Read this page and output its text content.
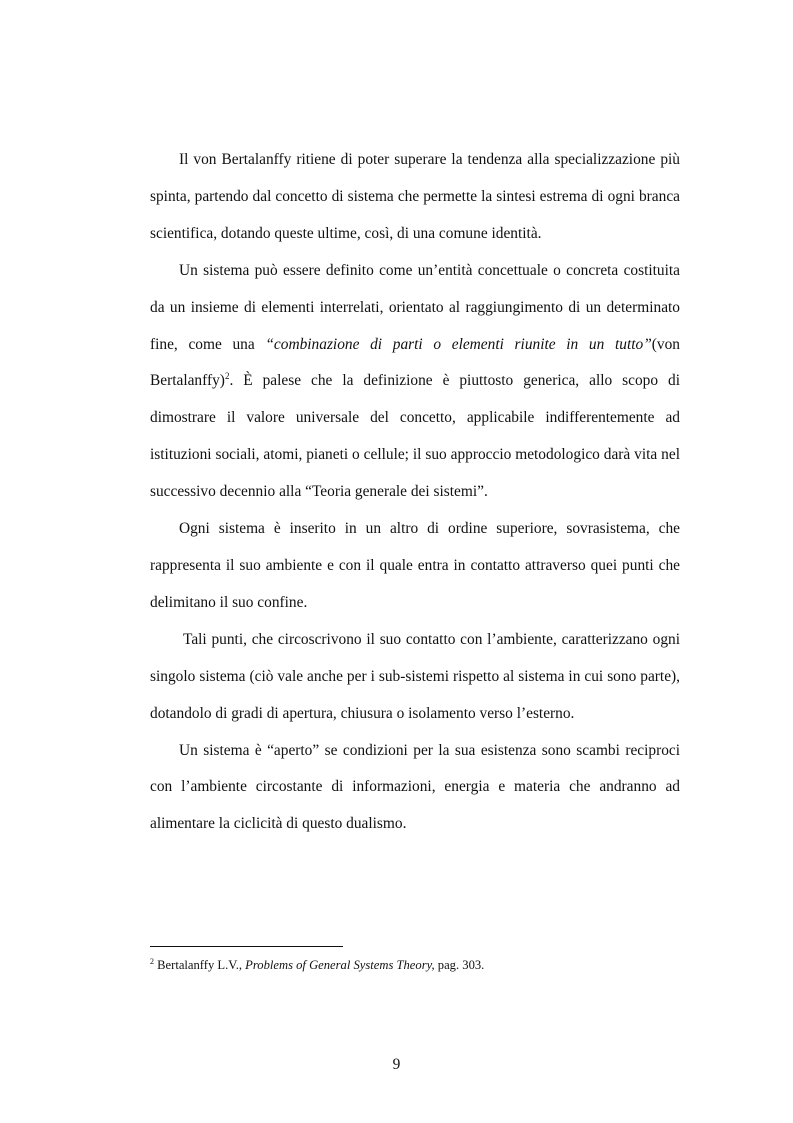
Il von Bertalanffy ritiene di poter superare la tendenza alla specializzazione più spinta, partendo dal concetto di sistema che permette la sintesi estrema di ogni branca scientifica, dotando queste ultime, così, di una comune identità.

Un sistema può essere definito come un’entità concettuale o concreta costituita da un insieme di elementi interrelati, orientato al raggiungimento di un determinato fine, come una “combinazione di parti o elementi riunite in un tutto”(von Bertalanffy)$^2$. È palese che la definizione è piuttosto generica, allo scopo di dimostrare il valore universale del concetto, applicabile indifferentemente ad istituzioni sociali, atomi, pianeti o cellule; il suo approccio metodologico darà vita nel successivo decennio alla “Teoria generale dei sistemi”.

Ogni sistema è inserito in un altro di ordine superiore, sovrasistema, che rappresenta il suo ambiente e con il quale entra in contatto attraverso quei punti che delimitano il suo confine.

Tali punti, che circoscrivono il suo contatto con l’ambiente, caratterizzano ogni singolo sistema (ciò vale anche per i sub-sistemi rispetto al sistema in cui sono parte), dotandolo di gradi di apertura, chiusura o isolamento verso l’esterno.

Un sistema è “aperto” se condizioni per la sua esistenza sono scambi reciproci con l’ambiente circostante di informazioni, energia e materia che andranno ad alimentare la ciclicità di questo dualismo.

$^2$ Bertalanffy L.V., Problems of General Systems Theory, pag. 303.

9
